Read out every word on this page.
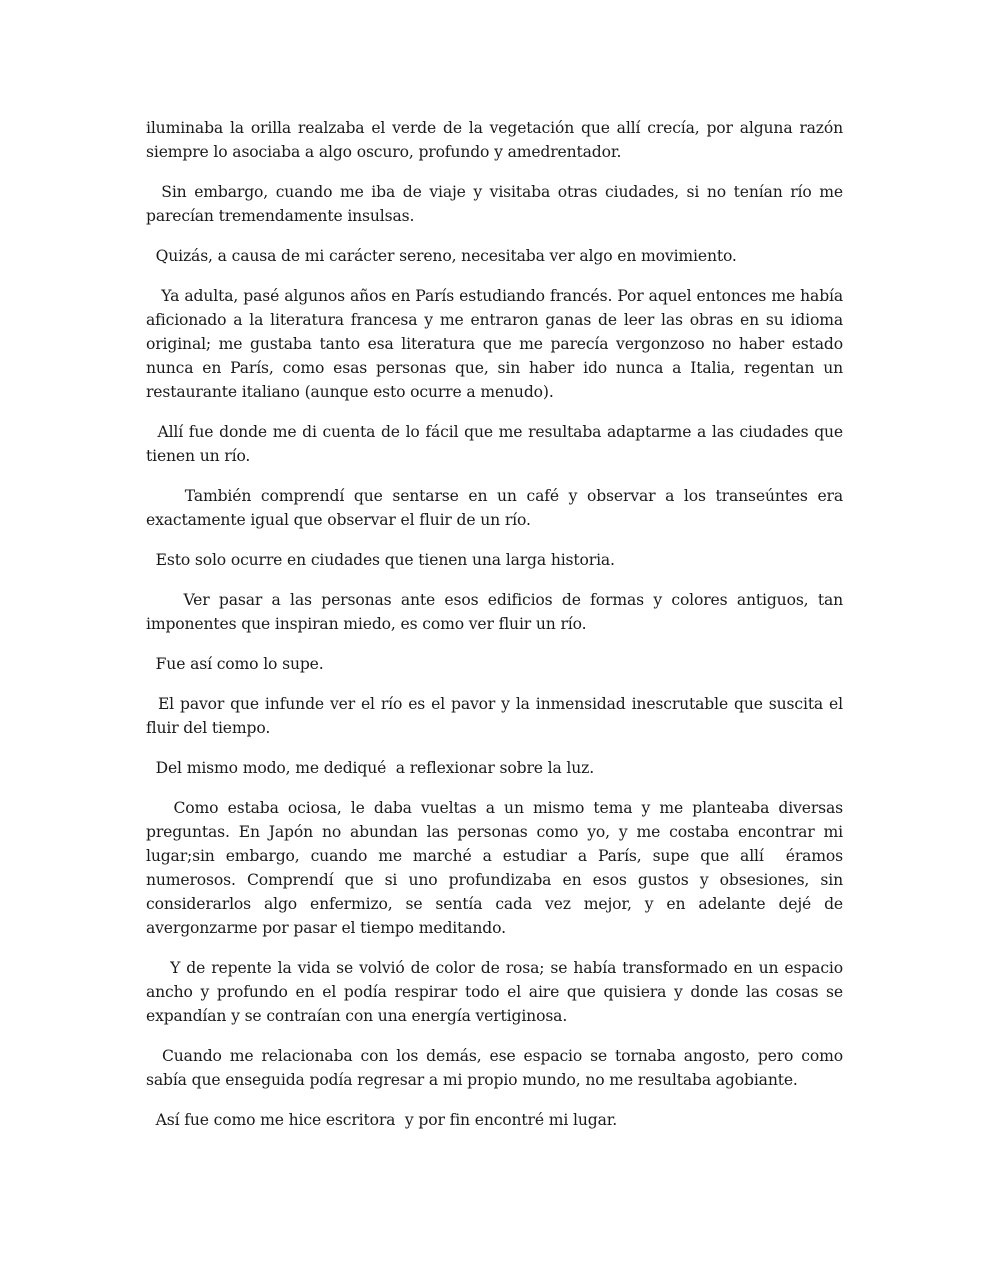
iluminaba la orilla realzaba el verde de la vegetación que allí crecía, por alguna razón siempre lo asociaba a algo oscuro, profundo y amedrentador.

Sin embargo, cuando me iba de viaje y visitaba otras ciudades, si no tenían río me parecían tremendamente insulsas.

Quizás, a causa de mi carácter sereno, necesitaba ver algo en movimiento.

Ya adulta, pasé algunos años en París estudiando francés. Por aquel entonces me había aficionado a la literatura francesa y me entraron ganas de leer las obras en su idioma original; me gustaba tanto esa literatura que me parecía vergonzoso no haber estado nunca en París, como esas personas que, sin haber ido nunca a Italia, regentan un restaurante italiano (aunque esto ocurre a menudo).

Allí fue donde me di cuenta de lo fácil que me resultaba adaptarme a las ciudades que tienen un río.

También comprendí que sentarse en un café y observar a los transeúntes era exactamente igual que observar el fluir de un río.

Esto solo ocurre en ciudades que tienen una larga historia.

Ver pasar a las personas ante esos edificios de formas y colores antiguos, tan imponentes que inspiran miedo, es como ver fluir un río.

Fue así como lo supe.

El pavor que infunde ver el río es el pavor y la inmensidad inescrutable que suscita el fluir del tiempo.

Del mismo modo, me dediqué  a reflexionar sobre la luz.

Como estaba ociosa, le daba vueltas a un mismo tema y me planteaba diversas preguntas. En Japón no abundan las personas como yo, y me costaba encontrar mi lugar;sin embargo, cuando me marché a estudiar a París, supe que allí  éramos numerosos. Comprendí que si uno profundizaba en esos gustos y obsesiones, sin considerarlos algo enfermizo, se sentía cada vez mejor, y en adelante dejé de avergonzarme por pasar el tiempo meditando.

Y de repente la vida se volvió de color de rosa; se había transformado en un espacio ancho y profundo en el podía respirar todo el aire que quisiera y donde las cosas se expandían y se contraían con una energía vertiginosa.

Cuando me relacionaba con los demás, ese espacio se tornaba angosto, pero como sabía que enseguida podía regresar a mi propio mundo, no me resultaba agobiante.

Así fue como me hice escritora  y por fin encontré mi lugar.
